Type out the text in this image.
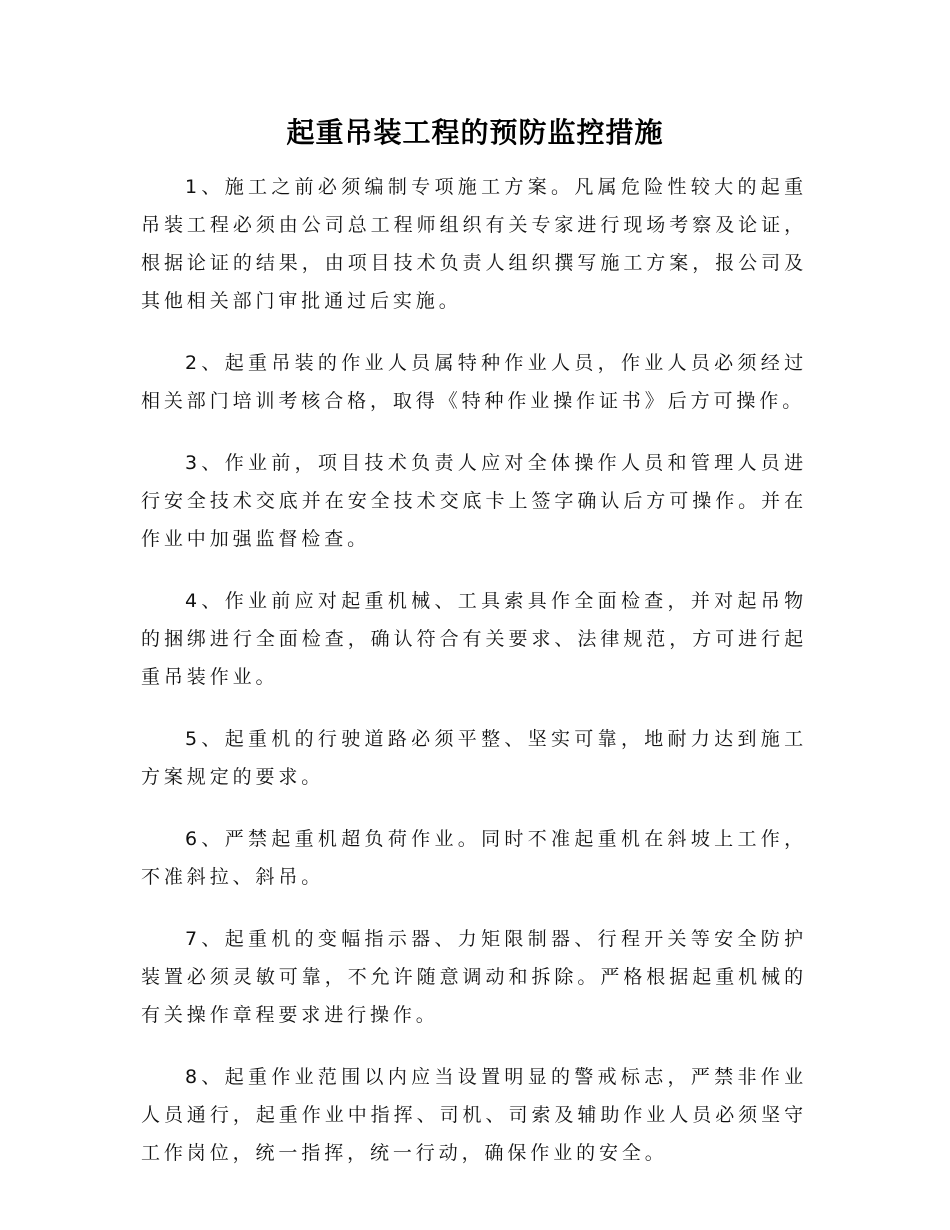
起重吊装工程的预防监控措施

1、施工之前必须编制专项施工方案。凡属危险性较大的起重吊装工程必须由公司总工程师组织有关专家进行现场考察及论证，根据论证的结果，由项目技术负责人组织撰写施工方案，报公司及其他相关部门审批通过后实施。

2、起重吊装的作业人员属特种作业人员，作业人员必须经过相关部门培训考核合格，取得《特种作业操作证书》后方可操作。

3、作业前，项目技术负责人应对全体操作人员和管理人员进行安全技术交底并在安全技术交底卡上签字确认后方可操作。并在作业中加强监督检查。

4、作业前应对起重机械、工具索具作全面检查，并对起吊物的捆绑进行全面检查，确认符合有关要求、法律规范，方可进行起重吊装作业。

5、起重机的行驶道路必须平整、坚实可靠，地耐力达到施工方案规定的要求。

6、严禁起重机超负荷作业。同时不准起重机在斜坡上工作，不准斜拉、斜吊。

7、起重机的变幅指示器、力矩限制器、行程开关等安全防护装置必须灵敏可靠，不允许随意调动和拆除。严格根据起重机械的有关操作章程要求进行操作。

8、起重作业范围以内应当设置明显的警戒标志，严禁非作业人员通行，起重作业中指挥、司机、司索及辅助作业人员必须坚守工作岗位，统一指挥，统一行动，确保作业的安全。
